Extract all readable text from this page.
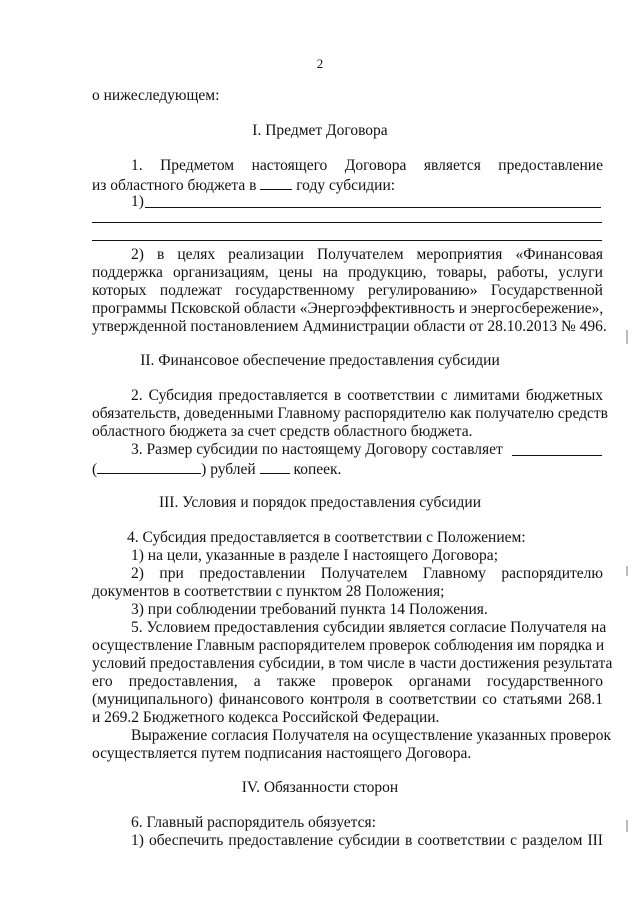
2
о нижеследующем:
I. Предмет Договора
1. Предметом настоящего Договора является предоставление
из областного бюджета в	году субсидии:
1)
2) в целях реализации Получателем мероприятия «Финансовая
поддержка организациям, цены на продукцию, товары, работы, услуги
которых подлежат государственному регулированию» Государственной
программы Псковской области «Энергоэффективность и энергосбережение»,
утвержденной постановлением Администрации области от 28.10.2013 № 496.
II. Финансовое обеспечение предоставления субсидии
2. Субсидия предоставляется в соответствии с лимитами бюджетных
обязательств, доведенными Главному распорядителю как получателю средств
областного бюджета за счет средств областного бюджета.
3. Размер субсидии по настоящему Договору составляет
(	) рублей копеек.
III. Условия и порядок предоставления субсидии
4. Субсидия предоставляется в соответствии с Положением:
1) на цели, указанные в разделе I настоящего Договора;
2) при предоставлении Получателем Главному распорядителю
документов в соответствии с пунктом 28 Положения;
3) при соблюдении требований пункта 14 Положения.
5. Условием предоставления субсидии является согласие Получателя на
осуществление Главным распорядителем проверок соблюдения им порядка и
условий предоставления субсидии, в том числе в части достижения результата
его предоставления, а также проверок органами государственного
(муниципального) финансового контроля в соответствии со статьями 268.1
и 269.2 Бюджетного кодекса Российской Федерации.
Выражение согласия Получателя на осуществление указанных проверок
осуществляется путем подписания настоящего Договора.
IV. Обязанности сторон
6. Главный распорядитель обязуется:
1) обеспечить предоставление субсидии в соответствии с разделом III
